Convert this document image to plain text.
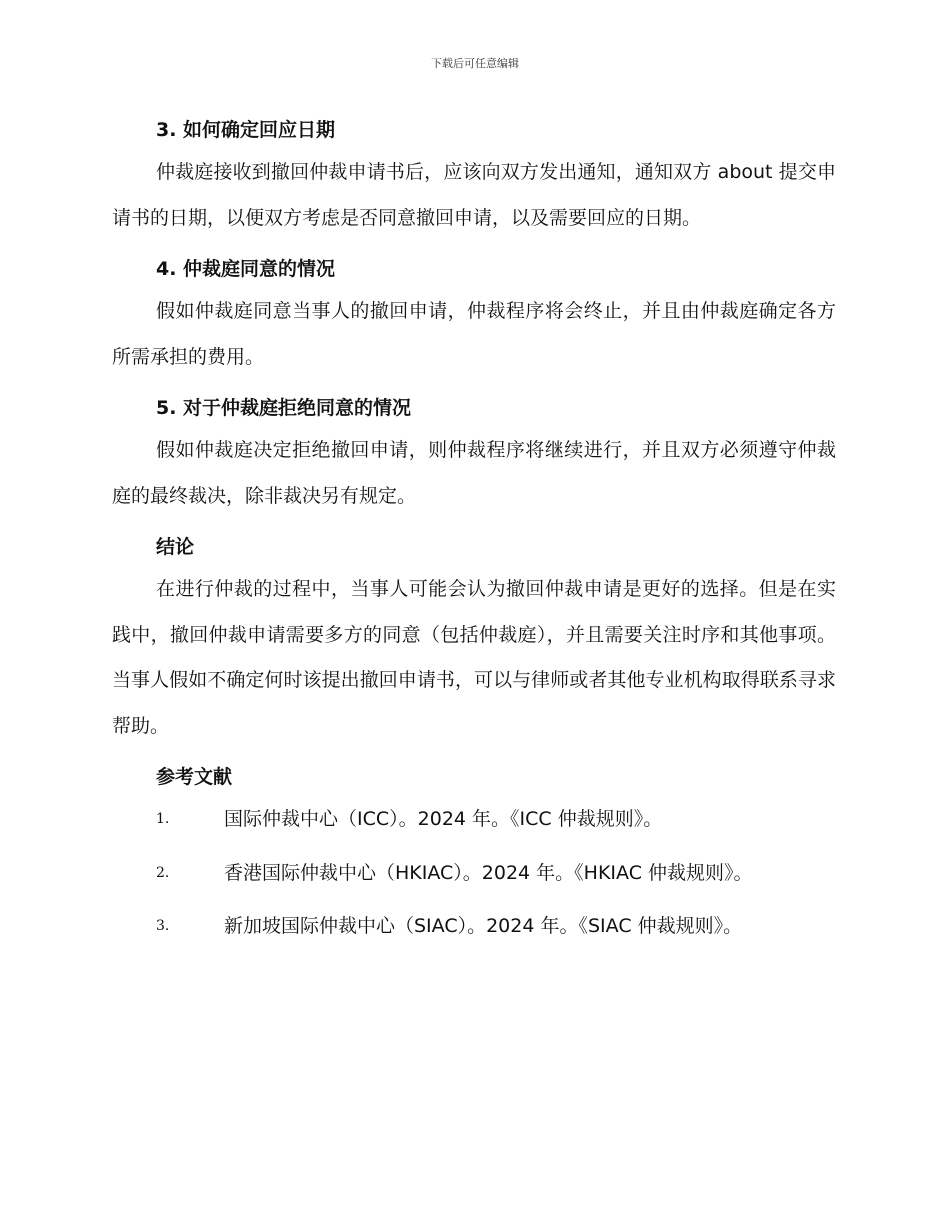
下载后可任意编辑
3. 如何确定回应日期

仲裁庭接收到撤回仲裁申请书后，应该向双方发出通知，通知双方 about 提交申请书的日期，以便双方考虑是否同意撤回申请，以及需要回应的日期。

4. 仲裁庭同意的情况

假如仲裁庭同意当事人的撤回申请，仲裁程序将会终止，并且由仲裁庭确定各方所需承担的费用。

5. 对于仲裁庭拒绝同意的情况

假如仲裁庭决定拒绝撤回申请，则仲裁程序将继续进行，并且双方必须遵守仲裁庭的最终裁决，除非裁决另有规定。

结论

在进行仲裁的过程中，当事人可能会认为撤回仲裁申请是更好的选择。但是在实践中，撤回仲裁申请需要多方的同意（包括仲裁庭），并且需要关注时序和其他事项。当事人假如不确定何时该提出撤回申请书，可以与律师或者其他专业机构取得联系寻求帮助。

参考文献
1.	国际仲裁中心（ICC）。2024 年。《ICC 仲裁规则》。
2.	香港国际仲裁中心（HKIAC）。2024 年。《HKIAC 仲裁规则》。
3.	新加坡国际仲裁中心（SIAC）。2024 年。《SIAC 仲裁规则》。
